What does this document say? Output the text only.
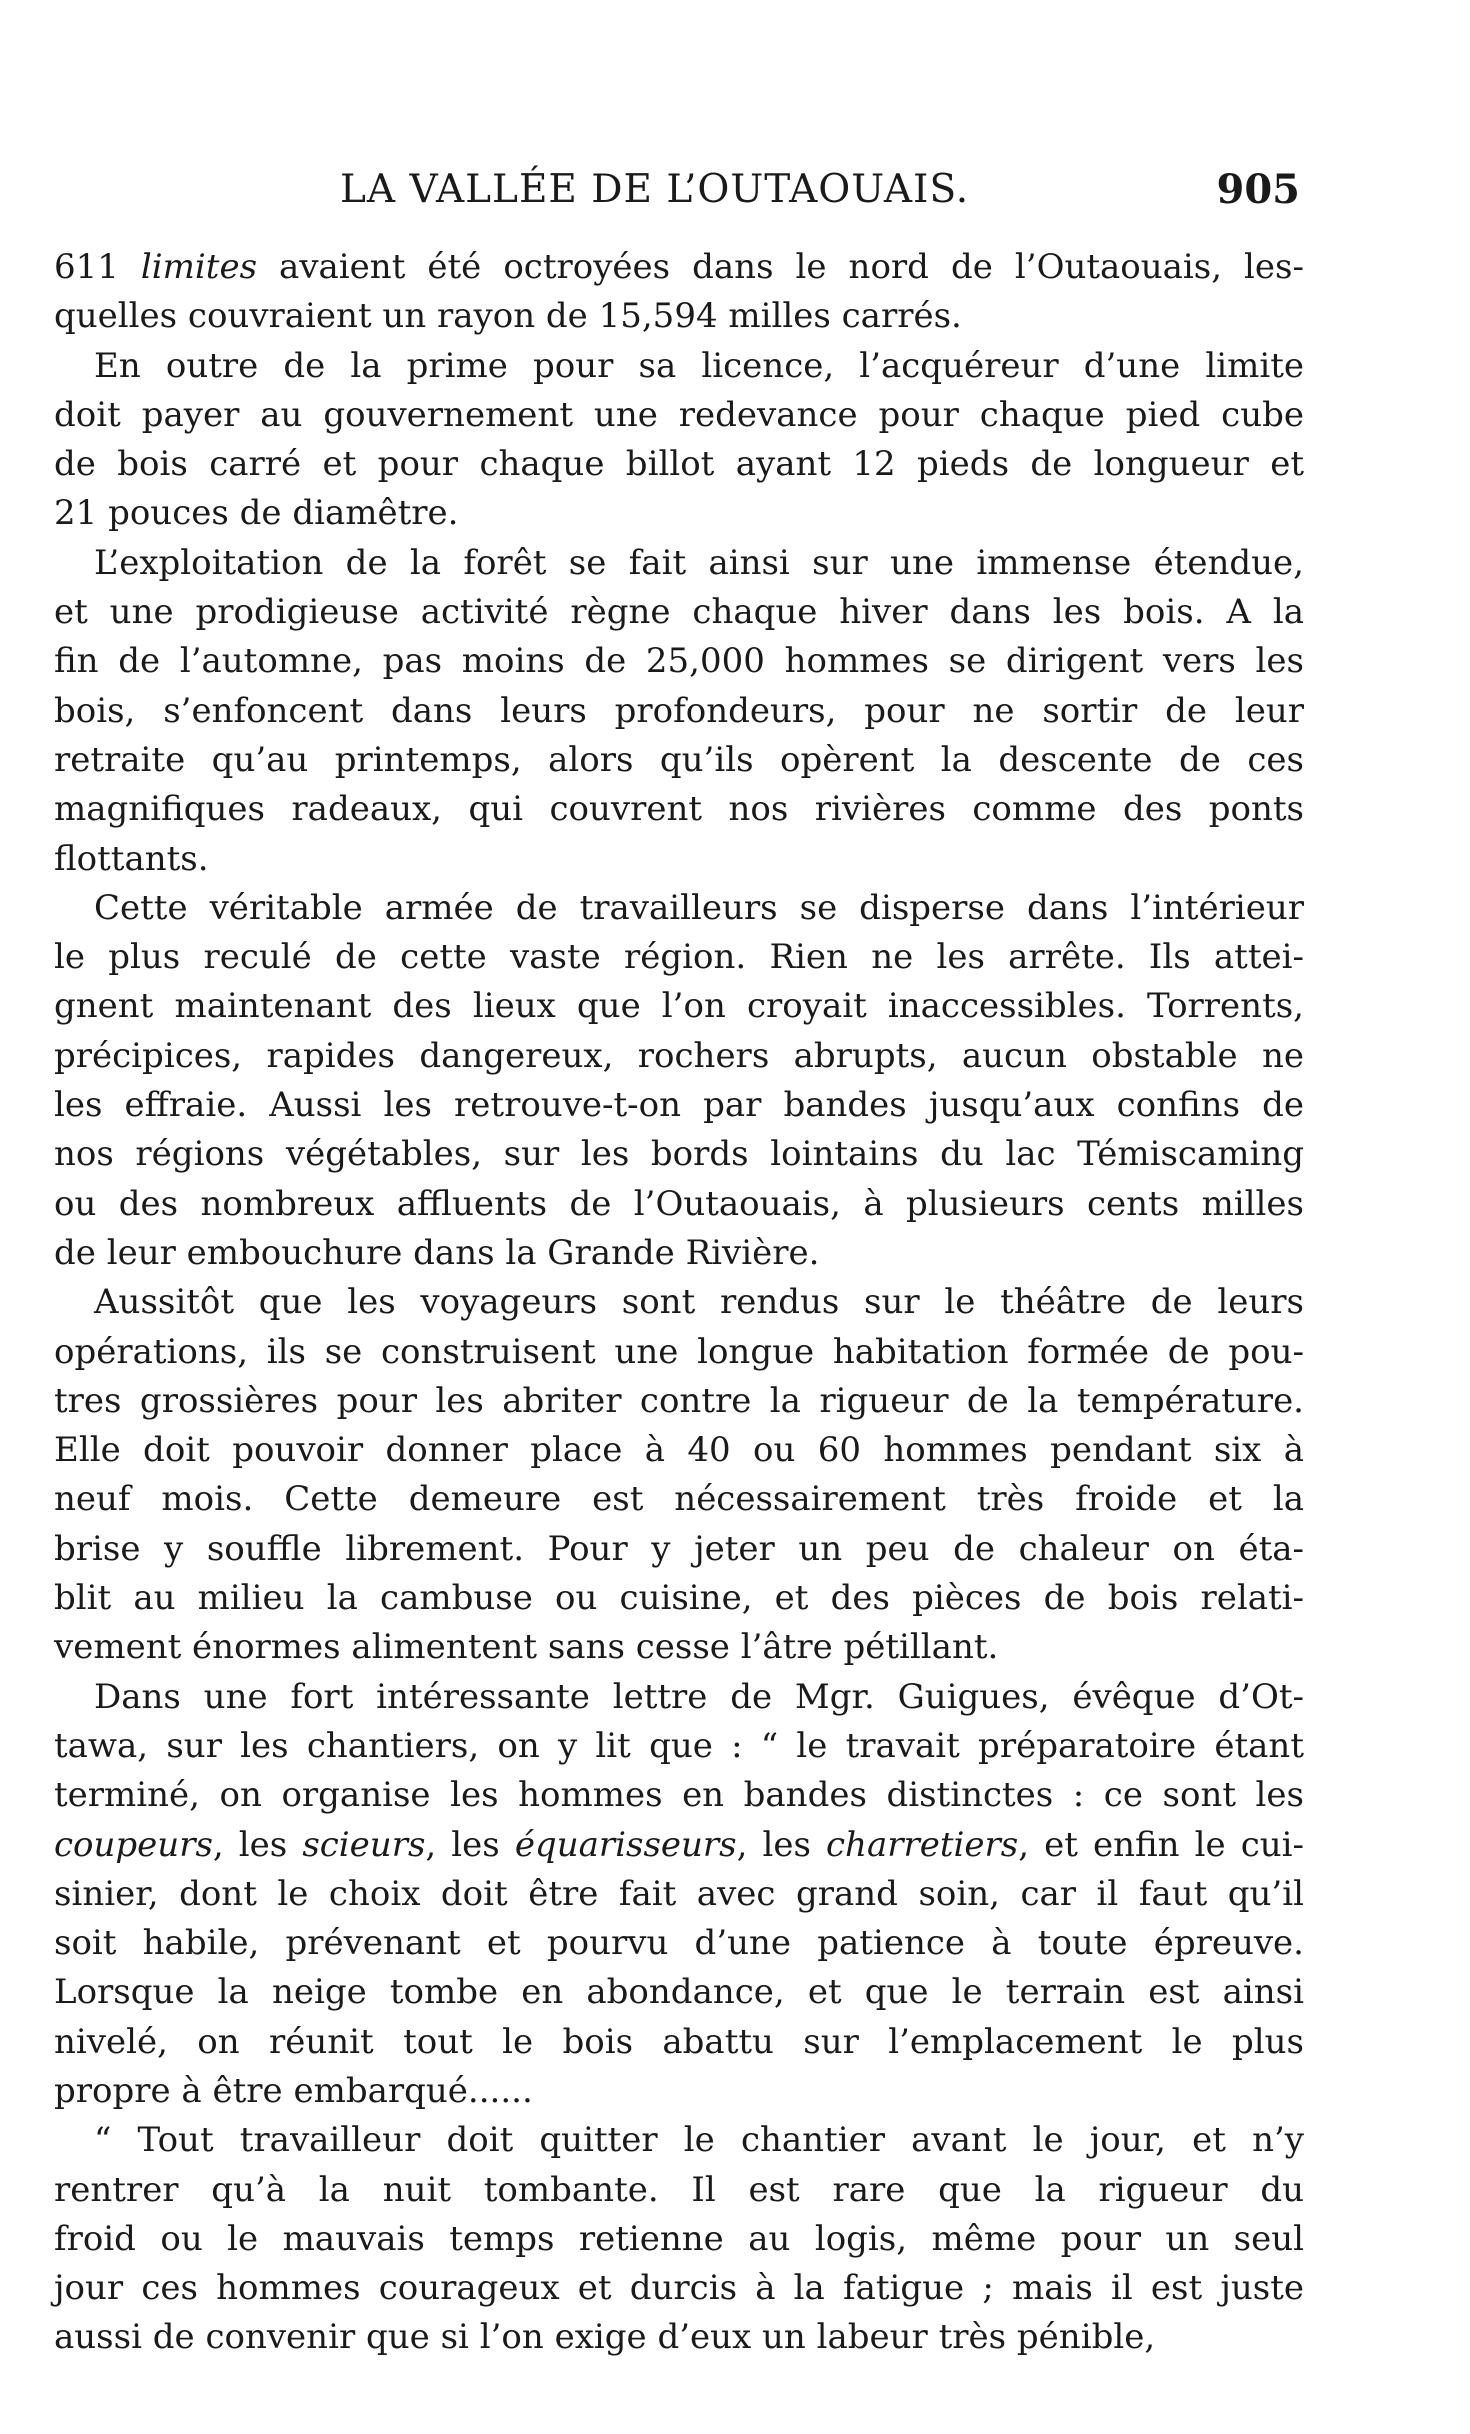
LA VALLÉE DE L’OUTAOUAIS.	905
611 limites avaient été octroyées dans le nord de l’Outaouais, les-
quelles couvraient un rayon de 15,594 milles carrés.
En outre de la prime pour sa licence, l’acquéreur d’une limite
doit payer au gouvernement une redevance pour chaque pied cube
de bois carré et pour chaque billot ayant 12 pieds de longueur et
21 pouces de diamêtre.
L’exploitation de la forêt se fait ainsi sur une immense étendue,
et une prodigieuse activité règne chaque hiver dans les bois. A la
fin de l’automne, pas moins de 25,000 hommes se dirigent vers les
bois, s’enfoncent dans leurs profondeurs, pour ne sortir de leur
retraite qu’au printemps, alors qu’ils opèrent la descente de ces
magnifiques radeaux, qui couvrent nos rivières comme des ponts
flottants.
Cette véritable armée de travailleurs se disperse dans l’intérieur
le plus reculé de cette vaste région. Rien ne les arrête. Ils attei-
gnent maintenant des lieux que l’on croyait inaccessibles. Torrents,
précipices, rapides dangereux, rochers abrupts, aucun obstable ne
les effraie. Aussi les retrouve-t-on par bandes jusqu’aux confins de
nos régions végétables, sur les bords lointains du lac Témiscaming
ou des nombreux affluents de l’Outaouais, à plusieurs cents milles
de leur embouchure dans la Grande Rivière.
Aussitôt que les voyageurs sont rendus sur le théâtre de leurs
opérations, ils se construisent une longue habitation formée de pou-
tres grossières pour les abriter contre la rigueur de la température.
Elle doit pouvoir donner place à 40 ou 60 hommes pendant six à
neuf mois. Cette demeure est nécessairement très froide et la
brise y souffle librement. Pour y jeter un peu de chaleur on éta-
blit au milieu la cambuse ou cuisine, et des pièces de bois relati-
vement énormes alimentent sans cesse l’âtre pétillant.
Dans une fort intéressante lettre de Mgr. Guigues, évêque d’Ot-
tawa, sur les chantiers, on y lit que : “ le travait préparatoire étant
terminé, on organise les hommes en bandes distinctes : ce sont les
coupeurs, les scieurs, les équarisseurs, les charretiers, et enfin le cui-
sinier, dont le choix doit être fait avec grand soin, car il faut qu’il
soit habile, prévenant et pourvu d’une patience à toute épreuve.
Lorsque la neige tombe en abondance, et que le terrain est ainsi
nivelé, on réunit tout le bois abattu sur l’emplacement le plus
propre à être embarqué......
“ Tout travailleur doit quitter le chantier avant le jour, et n’y
rentrer qu’à la nuit tombante. Il est rare que la rigueur du
froid ou le mauvais temps retienne au logis, même pour un seul
jour ces hommes courageux et durcis à la fatigue ; mais il est juste
aussi de convenir que si l’on exige d’eux un labeur très pénible,
